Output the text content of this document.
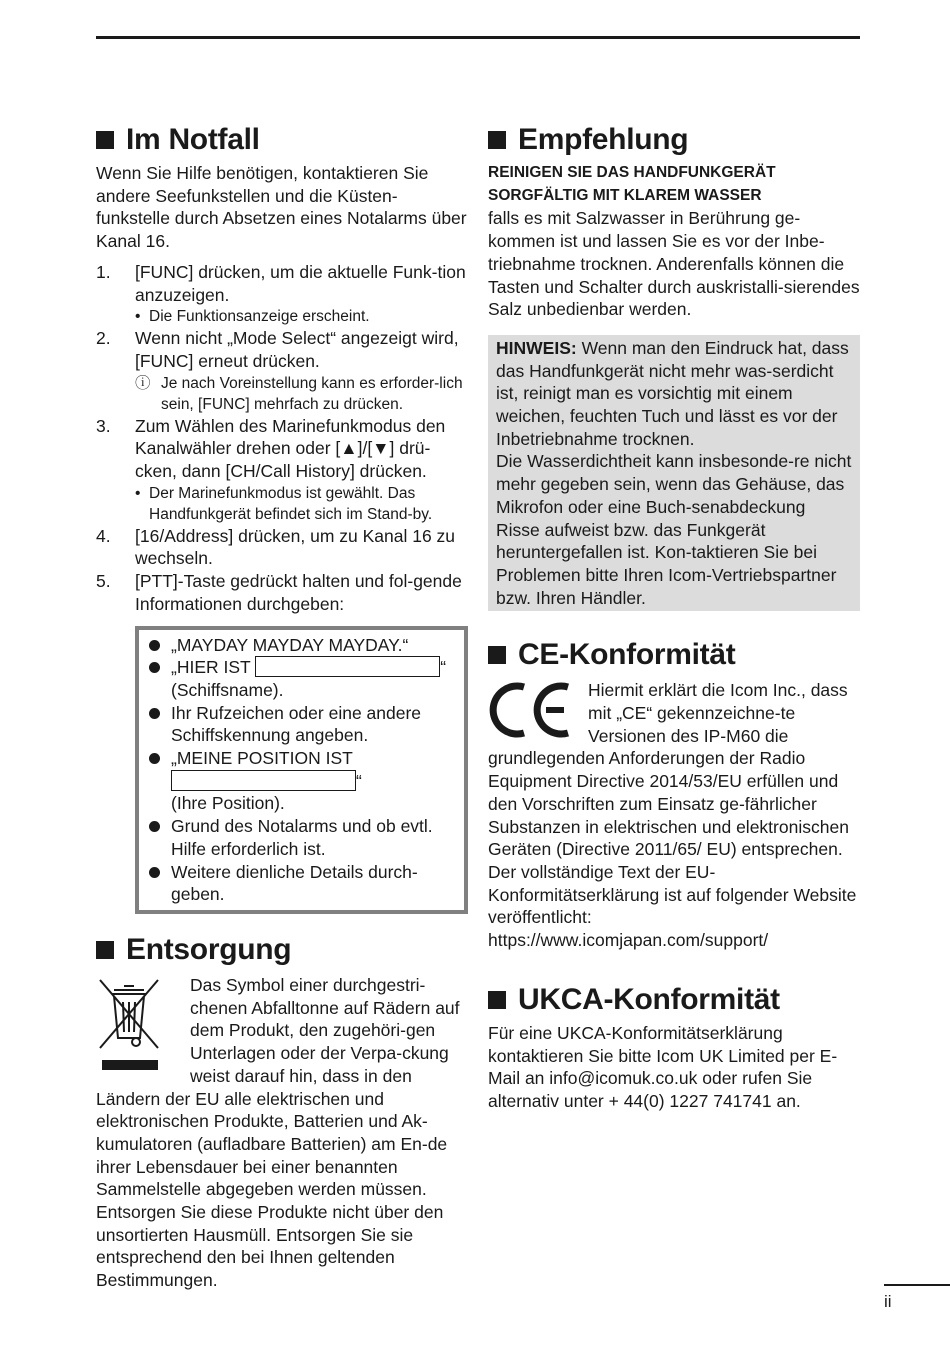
Im Notfall

Wenn Sie Hilfe benötigen, kontaktieren Sie andere Seefunkstellen und die Küsten-funkstelle durch Absetzen eines Notalarms über Kanal 16.

1. [FUNC] drücken, um die aktuelle Funk-tion anzuzeigen.
• Die Funktionsanzeige erscheint.
2. Wenn nicht „Mode Select“ angezeigt wird, [FUNC] erneut drücken.
ⓘ Je nach Voreinstellung kann es erforder-lich sein, [FUNC] mehrfach zu drücken.
3. Zum Wählen des Marinefunkmodus den Kanalwähler drehen oder [▲]/[▼] drü-cken, dann [CH/Call History] drücken.
• Der Marinefunkmodus ist gewählt. Das Handfunkgerät befindet sich im Stand-by.
4. [16/Address] drücken, um zu Kanal 16 zu wechseln.
5. [PTT]-Taste gedrückt halten und fol-gende Informationen durchgeben:
„MAYDAY MAYDAY MAYDAY.“
„HIER IST	“
(Schiffsname).
Ihr Rufzeichen oder eine andere Schiffskennung angeben.
„MEINE POSITION IST
“
(Ihre Position).
Grund des Notalarms und ob evtl. Hilfe erforderlich ist.
Weitere dienliche Details durch-geben.
Entsorgung

Das Symbol einer durchgestri-chenen Abfalltonne auf Rädern auf dem Produkt, den zugehöri-gen Unterlagen oder der Verpa-ckung weist darauf hin, dass in den Ländern der EU alle elektrischen und elektronischen Produkte, Batterien und Ak-kumulatoren (aufladbare Batterien) am En-de ihrer Lebensdauer bei einer benannten Sammelstelle abgegeben werden müssen. Entsorgen Sie diese Produkte nicht über den unsortierten Hausmüll. Entsorgen Sie sie entsprechend den bei Ihnen geltenden Bestimmungen.

Empfehlung
REINIGEN SIE DAS HANDFUNKGERÄT SORGFÄLTIG MIT KLAREM WASSER

falls es mit Salzwasser in Berührung ge-kommen ist und lassen Sie es vor der Inbe-triebnahme trocknen. Anderenfalls können die Tasten und Schalter durch auskristalli-sierendes Salz unbedienbar werden.

HINWEIS: Wenn man den Eindruck hat, dass das Handfunkgerät nicht mehr was-serdicht ist, reinigt man es vorsichtig mit einem weichen, feuchten Tuch und lässt es vor der Inbetriebnahme trocknen.

Die Wasserdichtheit kann insbesonde-re nicht mehr gegeben sein, wenn das Gehäuse, das Mikrofon oder eine Buch-senabdeckung Risse aufweist bzw. das Funkgerät heruntergefallen ist. Kon-taktieren Sie bei Problemen bitte Ihren Icom-Vertriebspartner bzw. Ihren Händler.

CE-Konformität

Hiermit erklärt die Icom Inc., dass mit „CE“ gekennzeichne-te Versionen des IP-M60 die grundlegenden Anforderungen der Radio Equipment Directive 2014/53/EU erfüllen und den Vorschriften zum Einsatz ge-fährlicher Substanzen in elektrischen und elektronischen Geräten (Directive 2011/65/ EU) entsprechen. Der vollständige Text der EU-Konformitätserklärung ist auf folgender Website veröffentlicht:

https://www.icomjapan.com/support/

UKCA-Konformität

Für eine UKCA-Konformitätserklärung kontaktieren Sie bitte Icom UK Limited per E-Mail an info@icomuk.co.uk oder rufen Sie alternativ unter + 44(0) 1227 741741 an.

ii
